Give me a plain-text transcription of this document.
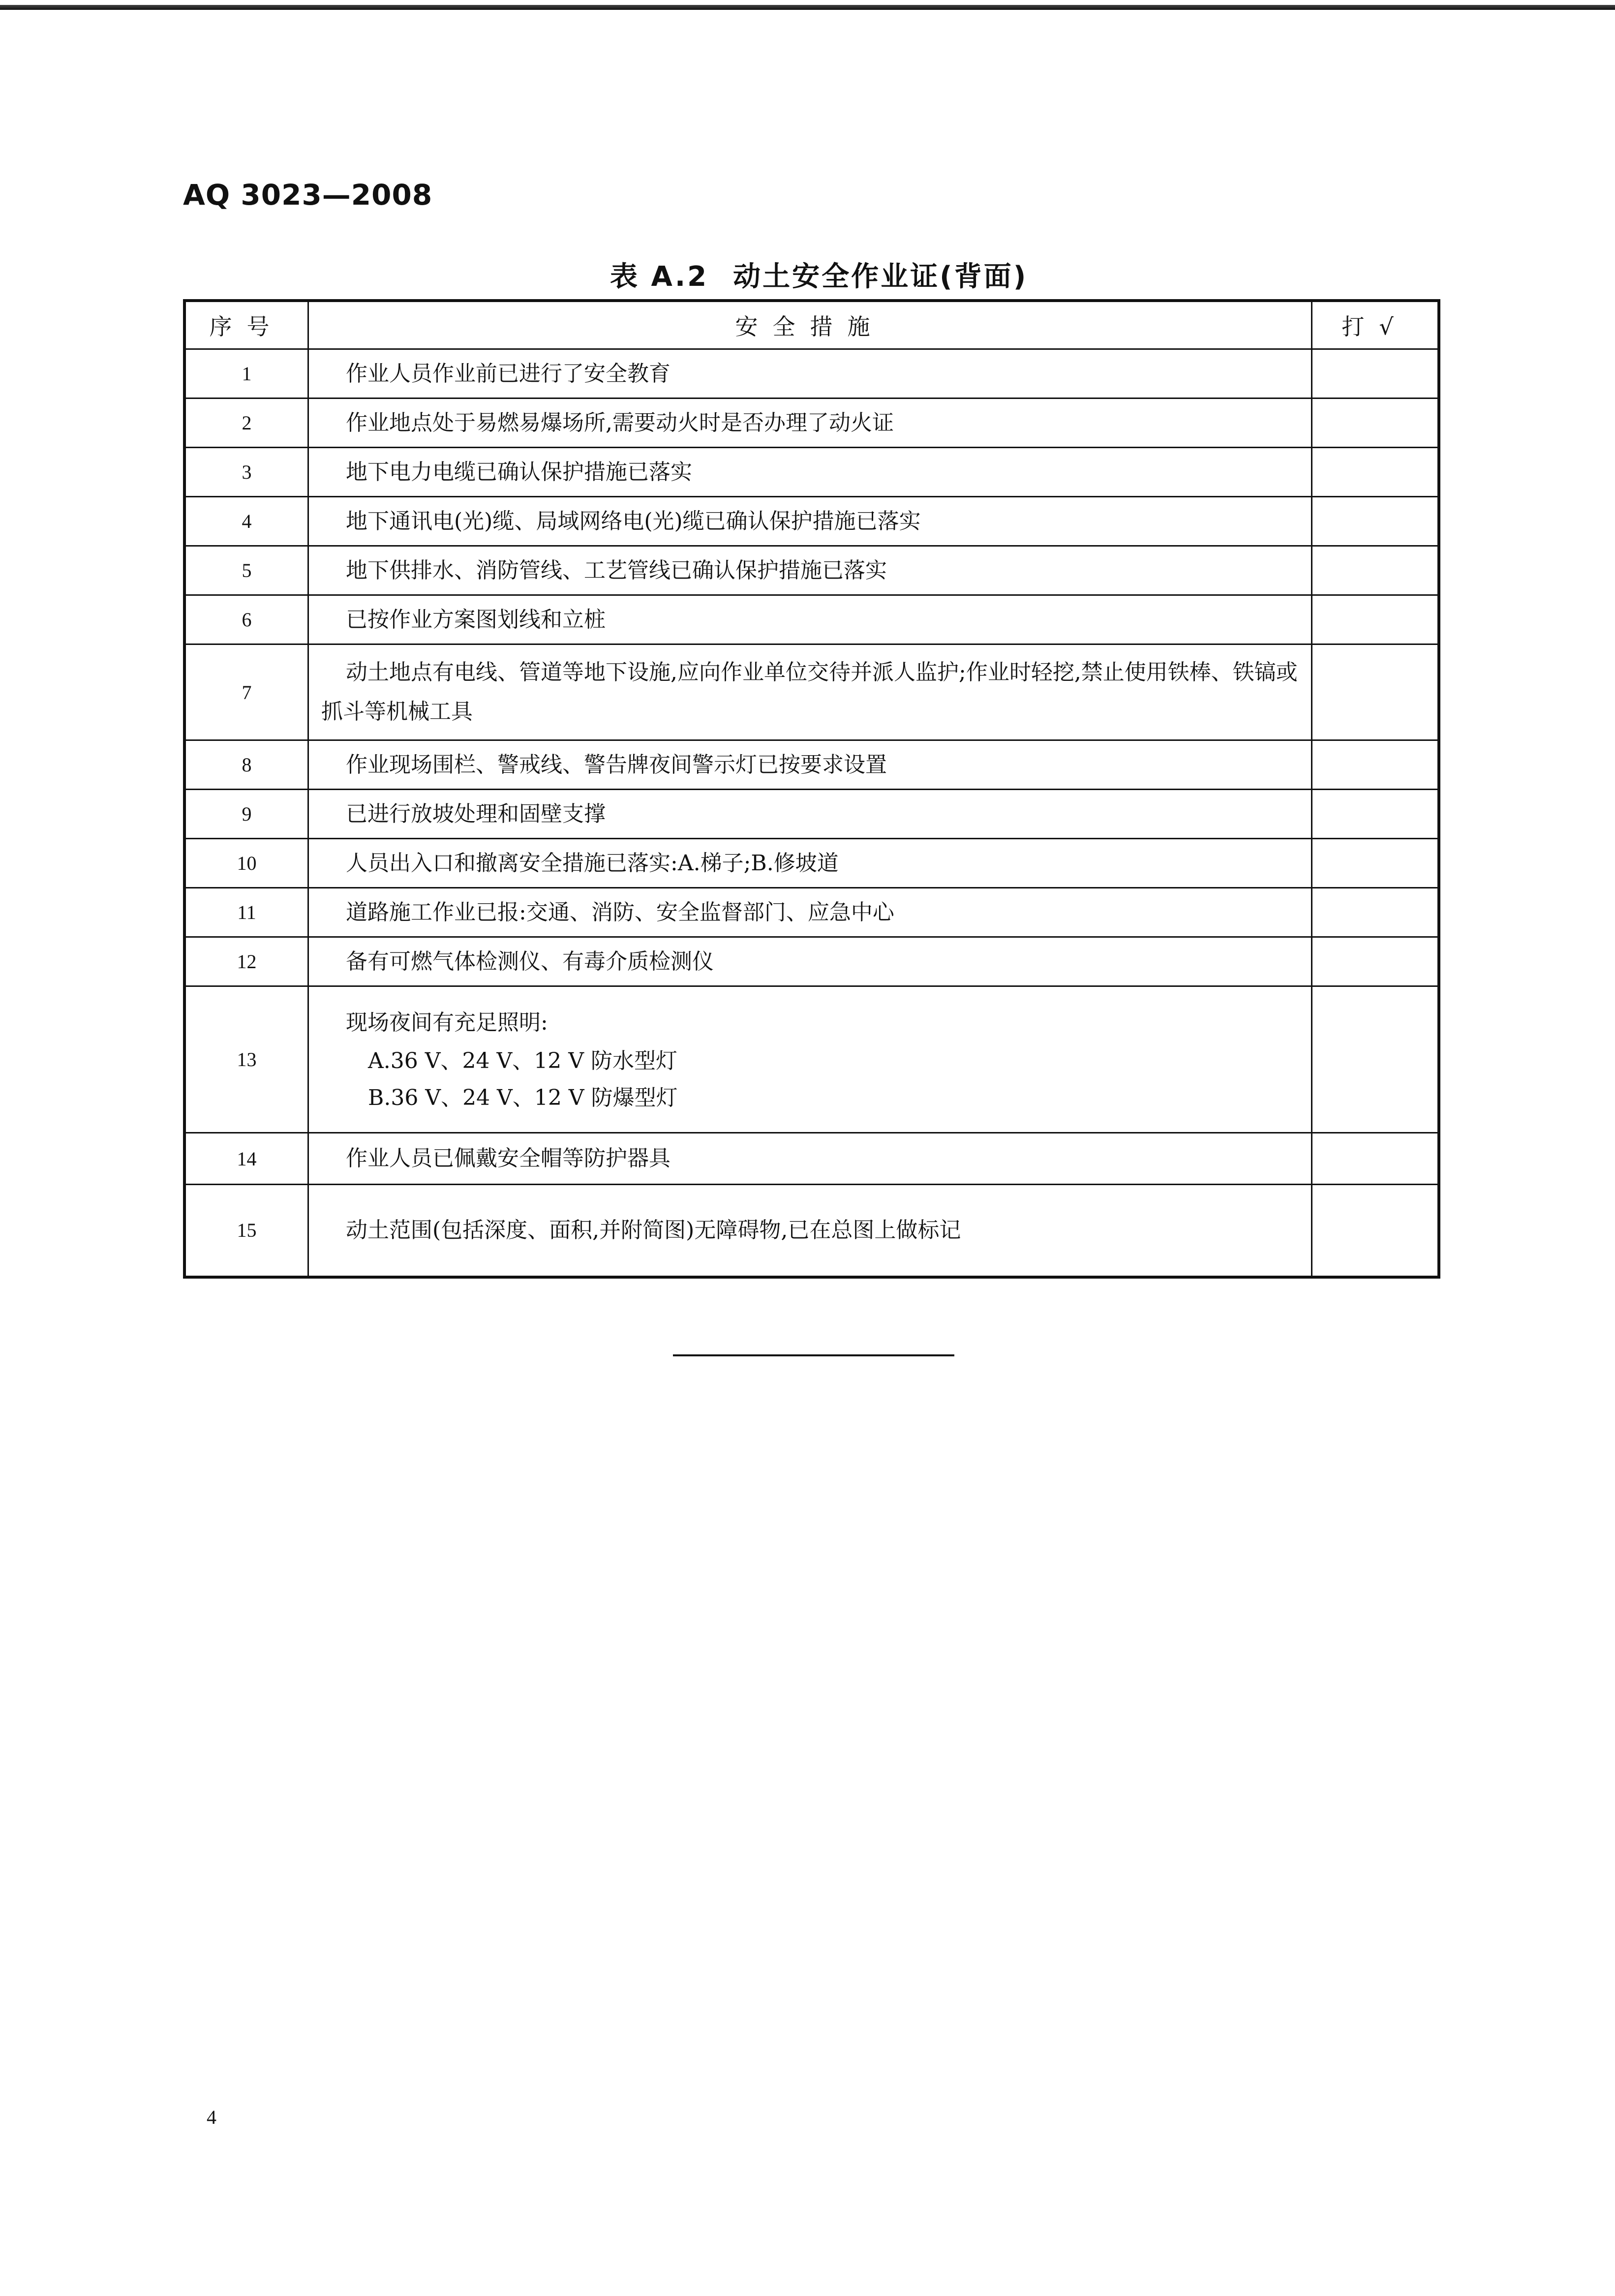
AQ 3023—2008
表 A.2 动土安全作业证(背面)
序号	安全措施	打√
1	作业人员作业前已进行了安全教育	
2	作业地点处于易燃易爆场所,需要动火时是否办理了动火证	
3	地下电力电缆已确认保护措施已落实	
4	地下通讯电(光)缆、局域网络电(光)缆已确认保护措施已落实	
5	地下供排水、消防管线、工艺管线已确认保护措施已落实	
6	已按作业方案图划线和立桩	
7	动土地点有电线、管道等地下设施,应向作业单位交待并派人监护;作业时轻挖,禁止使用铁棒、铁镐或抓斗等机械工具	
8	作业现场围栏、警戒线、警告牌夜间警示灯已按要求设置	
9	已进行放坡处理和固壁支撑	
10	人员出入口和撤离安全措施已落实:A.梯子;B.修坡道	
11	道路施工作业已报:交通、消防、安全监督部门、应急中心	
12	备有可燃气体检测仪、有毒介质检测仪	
13	现场夜间有充足照明:
A.36 V、24 V、12 V 防水型灯
B.36 V、24 V、12 V 防爆型灯	

14	作业人员已佩戴安全帽等防护器具	
15	动土范围(包括深度、面积,并附简图)无障碍物,已在总图上做标记	
4
